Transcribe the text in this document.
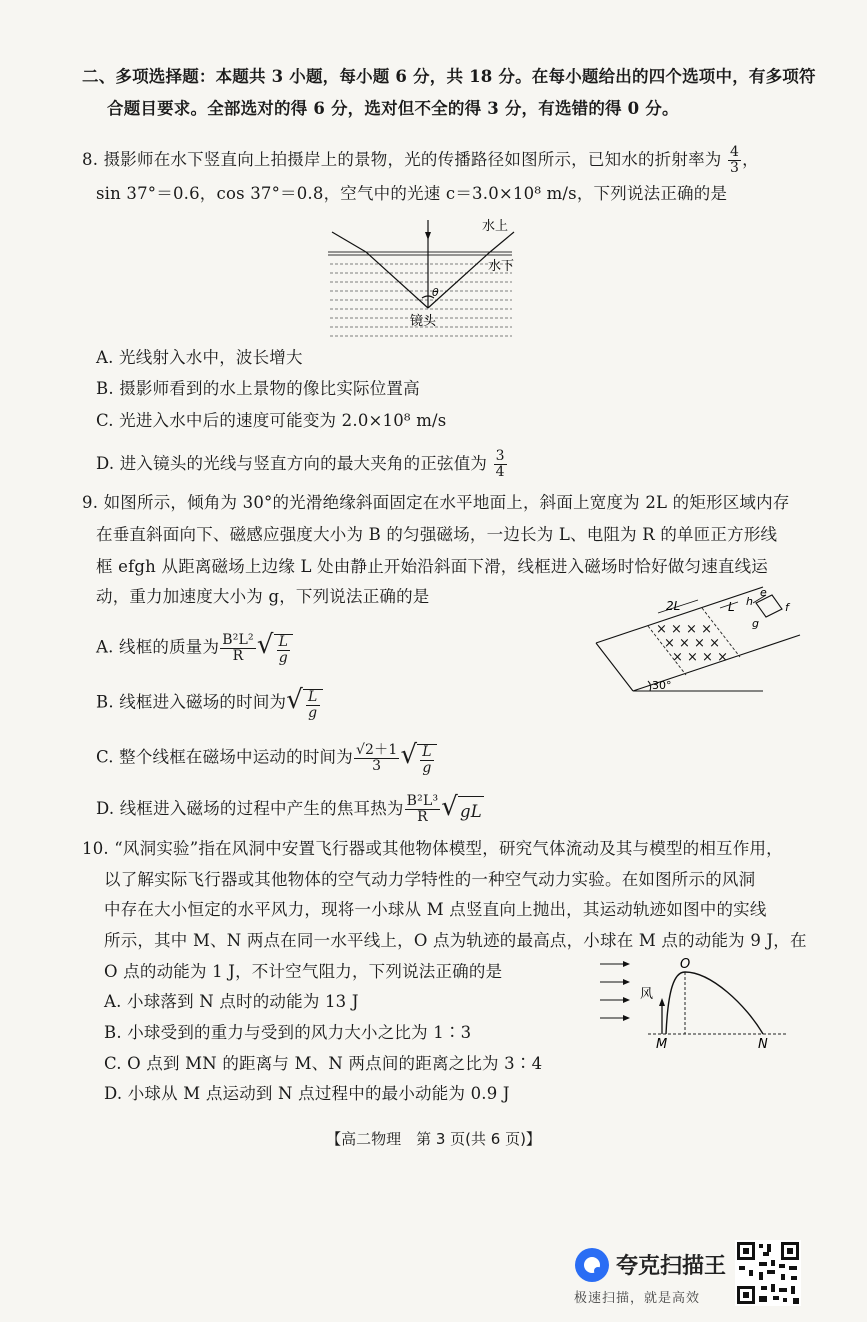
二、多项选择题：本题共 3 小题，每小题 6 分，共 18 分。在每小题给出的四个选项中，有多项符
合题目要求。全部选对的得 6 分，选对但不全的得 3 分，有选错的得 0 分。
8. 摄影师在水下竖直向上拍摄岸上的景物，光的传播路径如图所示，已知水的折射率为 $\frac{4}{3}$ ，
sin 37°＝0.6，cos 37°＝0.8，空气中的光速 c＝3.0×10⁸ m/s，下列说法正确的是
水上
水下
θ
镜头
A. 光线射入水中，波长增大
B. 摄影师看到的水上景物的像比实际位置高
C. 光进入水中后的速度可能变为 2.0×10⁸ m/s
D. 进入镜头的光线与竖直方向的最大夹角的正弦值为 $\frac{3}{4}$
9. 如图所示，倾角为 30°的光滑绝缘斜面固定在水平地面上，斜面上宽度为 2L 的矩形区域内存
在垂直斜面向下、磁感应强度大小为 B 的匀强磁场，一边长为 L、电阻为 R 的单匝正方形线
框 efgh 从距离磁场上边缘 L 处由静止开始沿斜面下滑，线框进入磁场时恰好做匀速直线运
动，重力加速度大小为 g，下列说法正确的是
A. 线框的质量为 $\frac{\text{B²L²}}{R}$ √ $\frac{L}{g}$
B. 线框进入磁场的时间为 √ $\frac{L}{g}$
C. 整个线框在磁场中运动的时间为 $\frac{√2+1}{3}$ √ $\frac{L}{g}$
D. 线框进入磁场的过程中产生的焦耳热为 $\frac{\text{B²L³}}{R}$ √ gL
× × × ×
× × × ×
× × × ×
2L	L
e
f
g
h
30°
10. “风洞实验”指在风洞中安置飞行器或其他物体模型，研究气体流动及其与模型的相互作用，
以了解实际飞行器或其他物体的空气动力学特性的一种空气动力实验。在如图所示的风洞
中存在大小恒定的水平风力，现将一小球从 M 点竖直向上抛出，其运动轨迹如图中的实线
所示，其中 M、N 两点在同一水平线上，O 点为轨迹的最高点，小球在 M 点的动能为 9 J，在
O 点的动能为 1 J，不计空气阻力，下列说法正确的是
A. 小球落到 N 点时的动能为 13 J
B. 小球受到的重力与受到的风力大小之比为 1∶3
C. O 点到 MN 的距离与 M、N 两点间的距离之比为 3∶4
D. 小球从 M 点运动到 N 点过程中的最小动能为 0.9 J
风
O
M	N
【高二物理　第 3 页(共 6 页)】
夸克扫描王
极速扫描，就是高效
